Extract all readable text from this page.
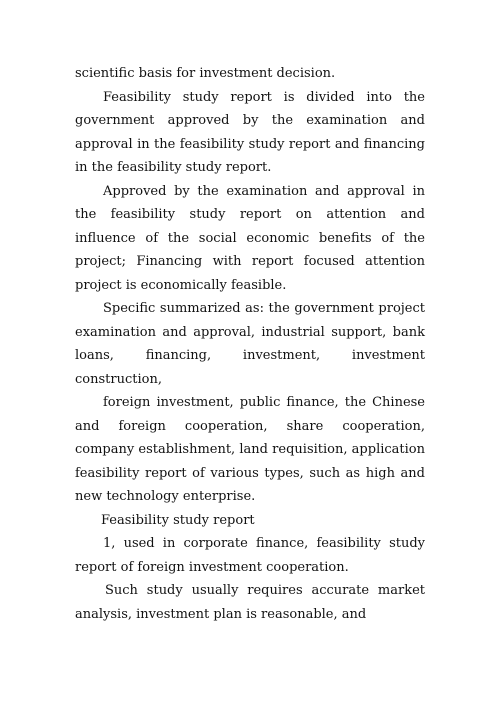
scientific basis for investment decision.

Feasibility study report is divided into the government approved by the examination and approval in the feasibility study report and financing in the feasibility study report.

Approved by the examination and approval in the feasibility study report on attention and influence of the social economic benefits of the project; Financing with report focused attention project is economically feasible.

Specific summarized as: the government project examination and approval, industrial support, bank loans, financing, investment, investment construction,

foreign investment, public finance, the Chinese and foreign cooperation, share cooperation, company establishment, land requisition, application feasibility report of various types, such as high and new technology enterprise.

Feasibility study report

1, used in corporate finance, feasibility study report of foreign investment cooperation.

Such study usually requires accurate market analysis, investment plan is reasonable, and
